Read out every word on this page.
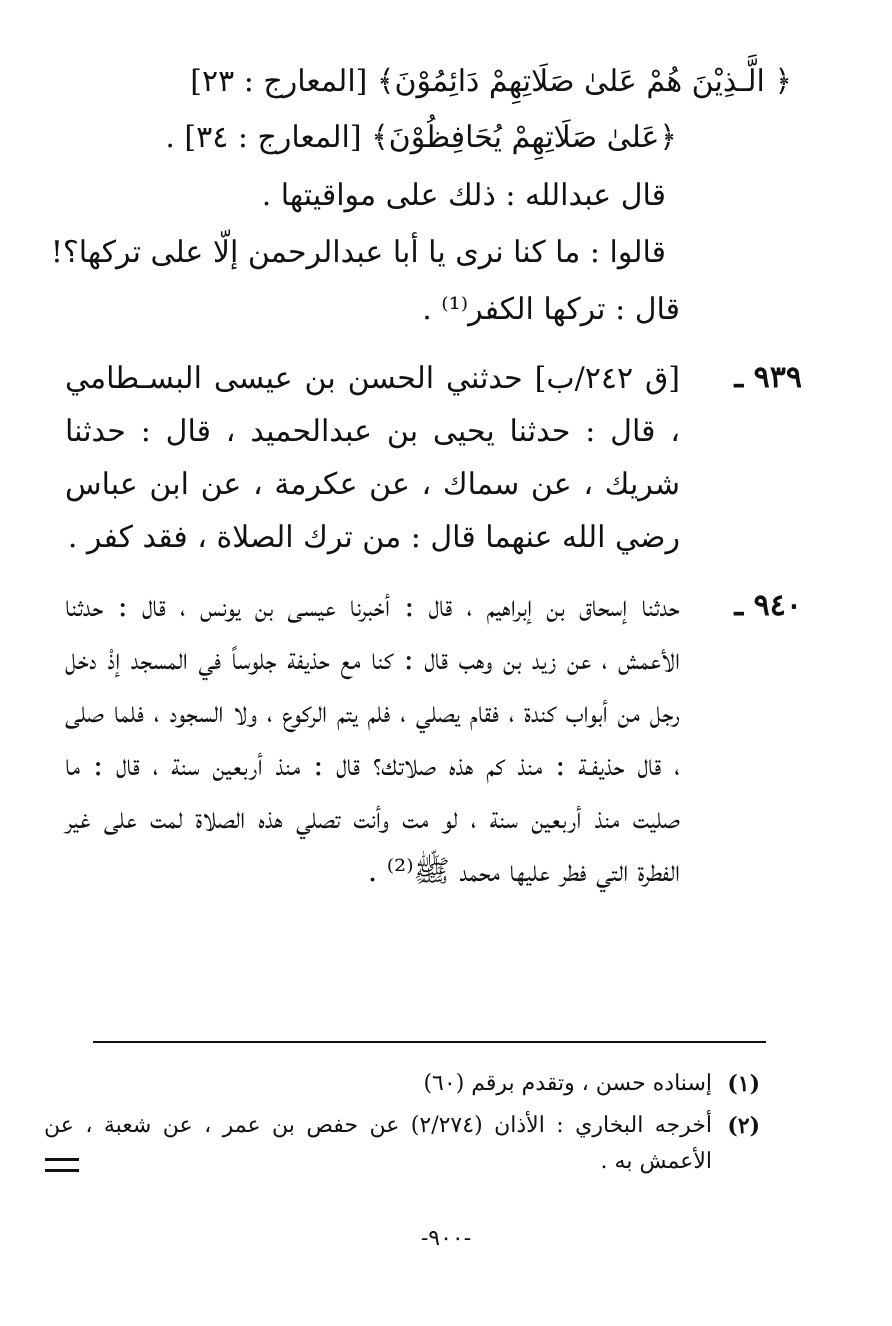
﴿ الَّـذِيْنَ هُمْ عَلىٰ صَلَاتِهِمْ دَائِمُوْنَ﴾ [المعارج : ٢٣]
﴿عَلىٰ صَلَاتِهِمْ يُحَافِظُوْنَ﴾ [المعارج : ٣٤] .
قال عبدالله : ذلك على مواقيتها .
قالوا : ما كنا نرى يا أبا عبدالرحمن إلّا على تركها؟!
قال : تركها الكفر⁽¹⁾ .
٩٣٩ ـ
[ق ٢٤٢/ب] حدثني الحسن بن عيسى البسـطامي ، قال : حدثنا يحيى بن عبدالحميد ، قال : حدثنا شريك ، عن سماك ، عن عكرمة ، عن ابن عباس رضي الله عنهما قال : من ترك الصلاة ، فقد كفر .
٩٤٠ ـ
حدثنا إسحاق بن إبراهيم ، قال : أخبرنا عيسى بن يونس ، قال : حدثنا الأعمش ، عن زيد بن وهب قال : كنا مع حذيفة جلوساً في المسجد إذْ دخل رجل من أبواب كندة ، فقام يصلي ، فلم يتم الركوع ، ولا السجود ، فلما صلى ، قال حذيفـة : منذ كم هذه صلاتك؟ قال : منذ أربعين سنة ، قال : ما صليت منذ أربعين سنة ، لو مت وأنت تصلي هذه الصلاة لمت على غير الفطرة التي فطر عليها محمد ﷺ⁽²⁾ .
(١)
إسناده حسن ، وتقدم برقم (٦٠)
(٢)
أخرجه البخاري : الأذان (٢/٢٧٤) عن حفص بن عمر ، عن شعبة ، عن الأعمش به .
-٩٠٠-
